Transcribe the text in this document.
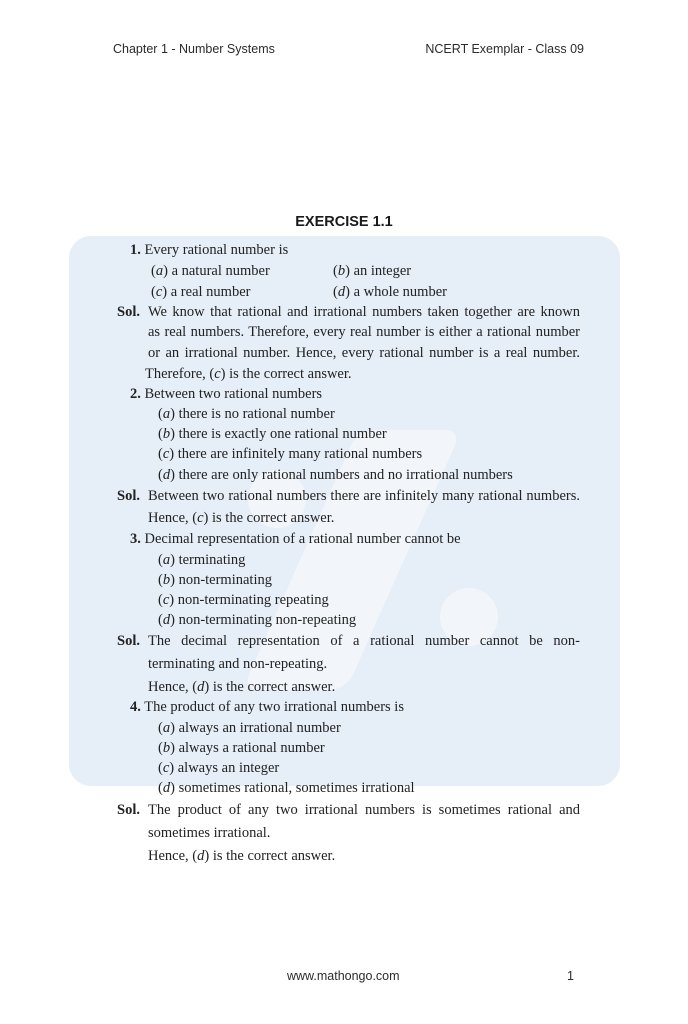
Chapter 1 - Number Systems	NCERT Exemplar - Class 09
EXERCISE 1.1
1. Every rational number is
(a) a natural number	(b) an integer
(c) a real number	(d) a whole number
Sol. We know that rational and irrational numbers taken together are known
as real numbers. Therefore, every real number is either a rational number
or an irrational number. Hence, every rational number is a real number.
Therefore, (c) is the correct answer.
2. Between two rational numbers
(a) there is no rational number
(b) there is exactly one rational number
(c) there are infinitely many rational numbers
(d) there are only rational numbers and no irrational numbers
Sol. Between two rational numbers there are infinitely many rational numbers.
Hence, (c) is the correct answer.
3. Decimal representation of a rational number cannot be
(a) terminating
(b) non-terminating
(c) non-terminating repeating
(d) non-terminating non-repeating
Sol. The decimal representation of a rational number cannot be non-
terminating and non-repeating.
Hence, (d) is the correct answer.
4. The product of any two irrational numbers is
(a) always an irrational number
(b) always a rational number
(c) always an integer
(d) sometimes rational, sometimes irrational
Sol. The product of any two irrational numbers is sometimes rational and
sometimes irrational.
Hence, (d) is the correct answer.
www.mathongo.com	1
